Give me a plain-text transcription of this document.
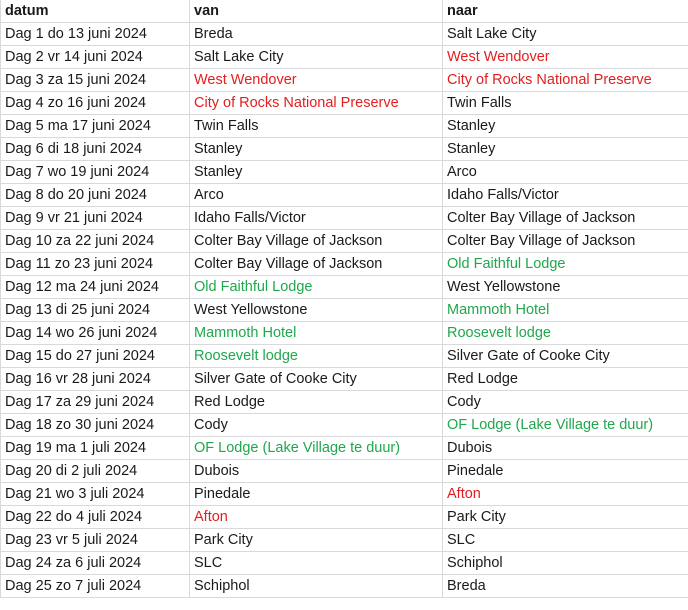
datum	van	naar
Dag 1 do 13 juni 2024	Breda	Salt Lake City
Dag 2 vr 14 juni 2024	Salt Lake City	West Wendover
Dag 3 za 15 juni 2024	West Wendover	City of Rocks National Preserve
Dag 4 zo 16 juni 2024	City of Rocks National Preserve	Twin Falls
Dag 5 ma 17 juni 2024	Twin Falls	Stanley
Dag 6 di 18 juni 2024	Stanley	Stanley
Dag 7 wo 19 juni 2024	Stanley	Arco
Dag 8 do 20 juni 2024	Arco	Idaho Falls/Victor
Dag 9 vr 21 juni 2024	Idaho Falls/Victor	Colter Bay Village of Jackson
Dag 10 za 22 juni 2024	Colter Bay Village of Jackson	Colter Bay Village of Jackson
Dag 11 zo 23 juni 2024	Colter Bay Village of Jackson	Old Faithful Lodge
Dag 12 ma 24 juni 2024	Old Faithful Lodge	West Yellowstone
Dag 13 di 25 juni 2024	West Yellowstone	Mammoth Hotel
Dag 14 wo 26 juni 2024	Mammoth Hotel	Roosevelt lodge
Dag 15 do 27 juni 2024	Roosevelt lodge	Silver Gate of Cooke City
Dag 16 vr 28 juni 2024	Silver Gate of Cooke City	Red Lodge
Dag 17 za 29 juni 2024	Red Lodge	Cody
Dag 18 zo 30 juni 2024	Cody	OF Lodge (Lake Village te duur)
Dag 19 ma 1 juli 2024	OF Lodge (Lake Village te duur)	Dubois
Dag 20 di 2 juli 2024	Dubois	Pinedale
Dag 21 wo 3 juli 2024	Pinedale	Afton
Dag 22 do 4 juli 2024	Afton	Park City
Dag 23 vr 5 juli 2024	Park City	SLC
Dag 24 za 6 juli 2024	SLC	Schiphol
Dag 25 zo 7 juli 2024	Schiphol	Breda
